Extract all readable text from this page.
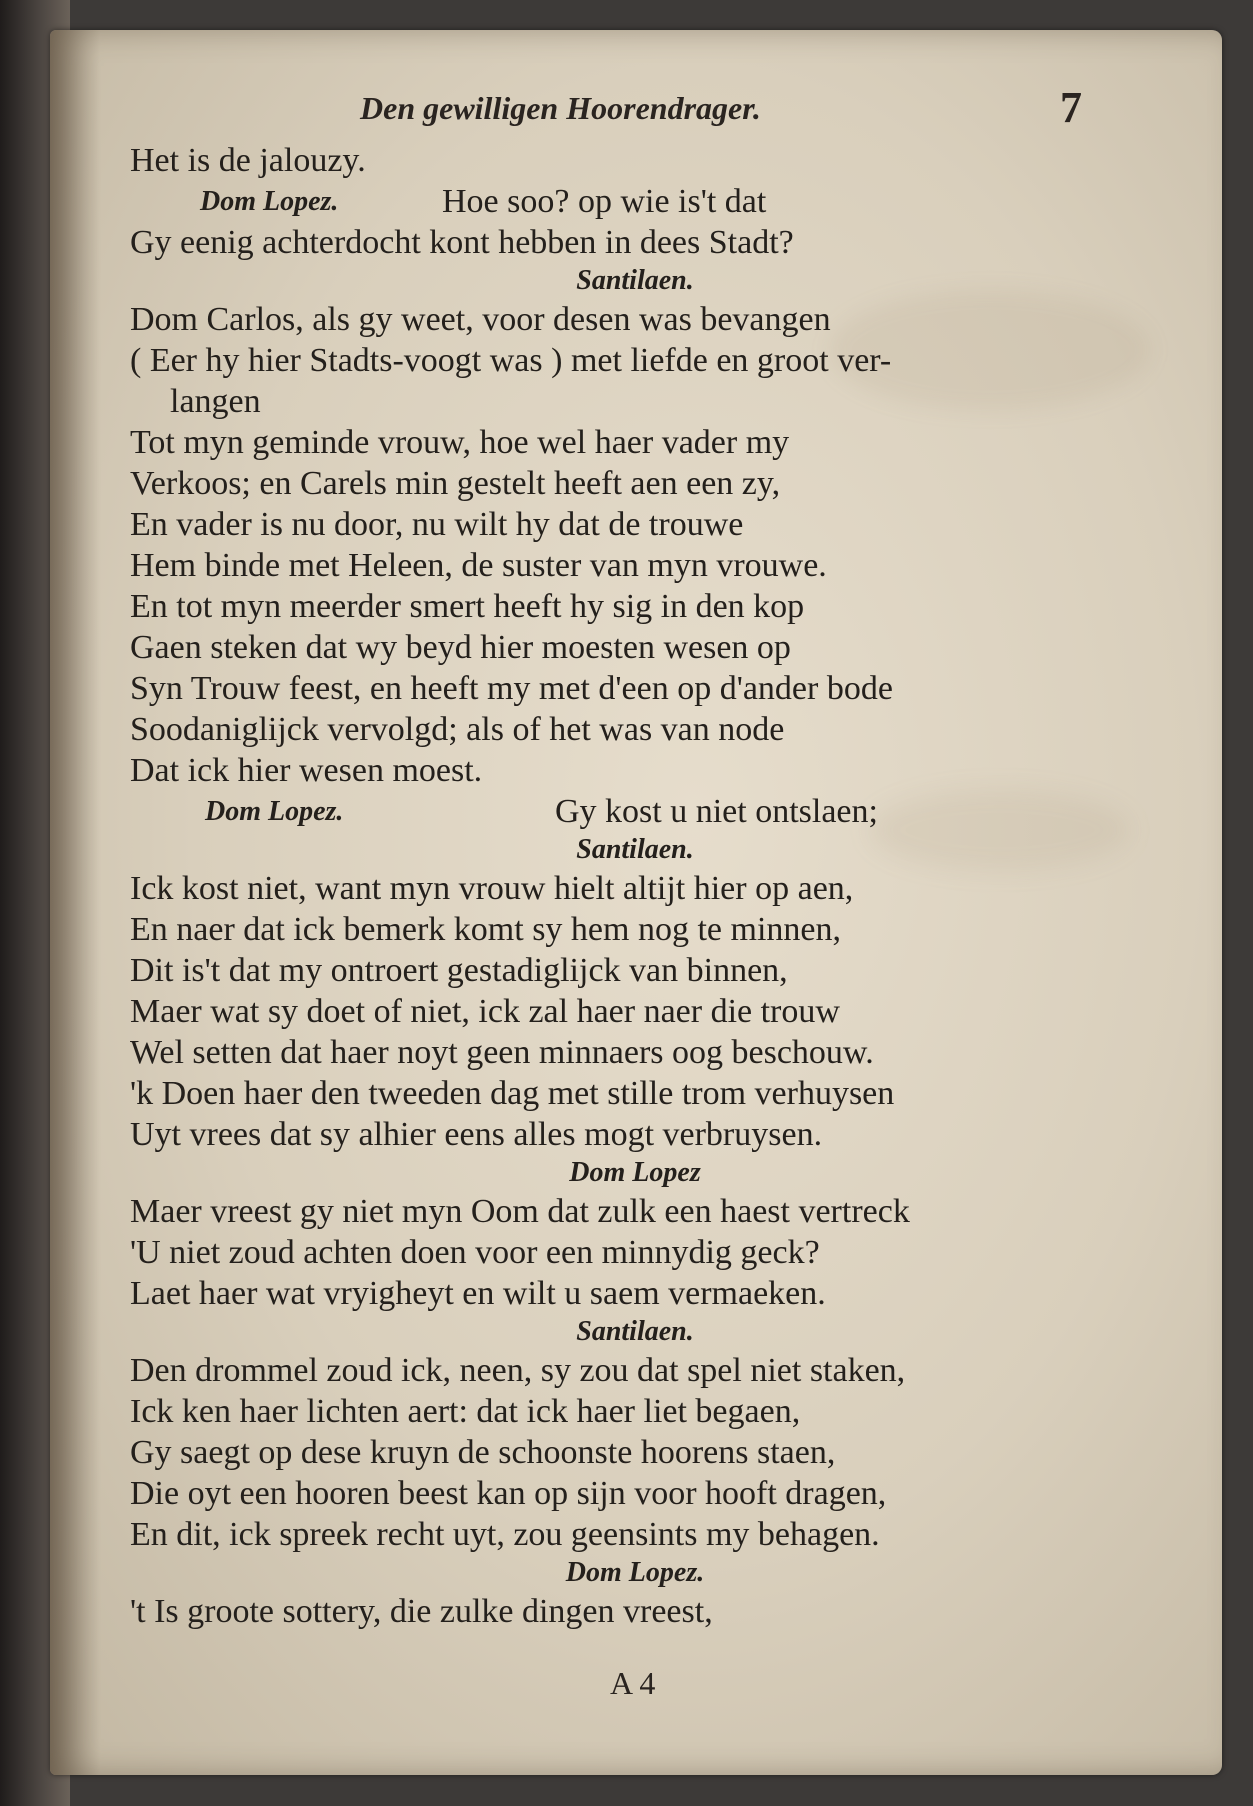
Den gewilligen Hoorendrager.	7
Het is de jalouzy.
Dom Lopez.	Hoe soo? op wie is't dat
Gy eenig achterdocht kont hebben in dees Stadt?
Santilaen.
Dom Carlos, als gy weet, voor desen was bevangen
( Eer hy hier Stadts-voogt was ) met liefde en groot ver-
langen
Tot myn geminde vrouw, hoe wel haer vader my
Verkoos; en Carels min gestelt heeft aen een zy,
En vader is nu door, nu wilt hy dat de trouwe
Hem binde met Heleen, de suster van myn vrouwe.
En tot myn meerder smert heeft hy sig in den kop
Gaen steken dat wy beyd hier moesten wesen op
Syn Trouw feest, en heeft my met d'een op d'ander bode
Soodaniglijck vervolgd; als of het was van node
Dat ick hier wesen moest.
Dom Lopez.	Gy kost u niet ontslaen;
Santilaen.
Ick kost niet, want myn vrouw hielt altijt hier op aen,
En naer dat ick bemerk komt sy hem nog te minnen,
Dit is't dat my ontroert gestadiglijck van binnen,
Maer wat sy doet of niet, ick zal haer naer die trouw
Wel setten dat haer noyt geen minnaers oog beschouw.
'k Doen haer den tweeden dag met stille trom verhuysen
Uyt vrees dat sy alhier eens alles mogt verbruysen.
Dom Lopez
Maer vreest gy niet myn Oom dat zulk een haest vertreck
'U niet zoud achten doen voor een minnydig geck?
Laet haer wat vryigheyt en wilt u saem vermaeken.
Santilaen.
Den drommel zoud ick, neen, sy zou dat spel niet staken,
Ick ken haer lichten aert: dat ick haer liet begaen,
Gy saegt op dese kruyn de schoonste hoorens staen,
Die oyt een hooren beest kan op sijn voor hooft dragen,
En dit, ick spreek recht uyt, zou geensints my behagen.
Dom Lopez.
't Is groote sottery, die zulke dingen vreest,
A 4
